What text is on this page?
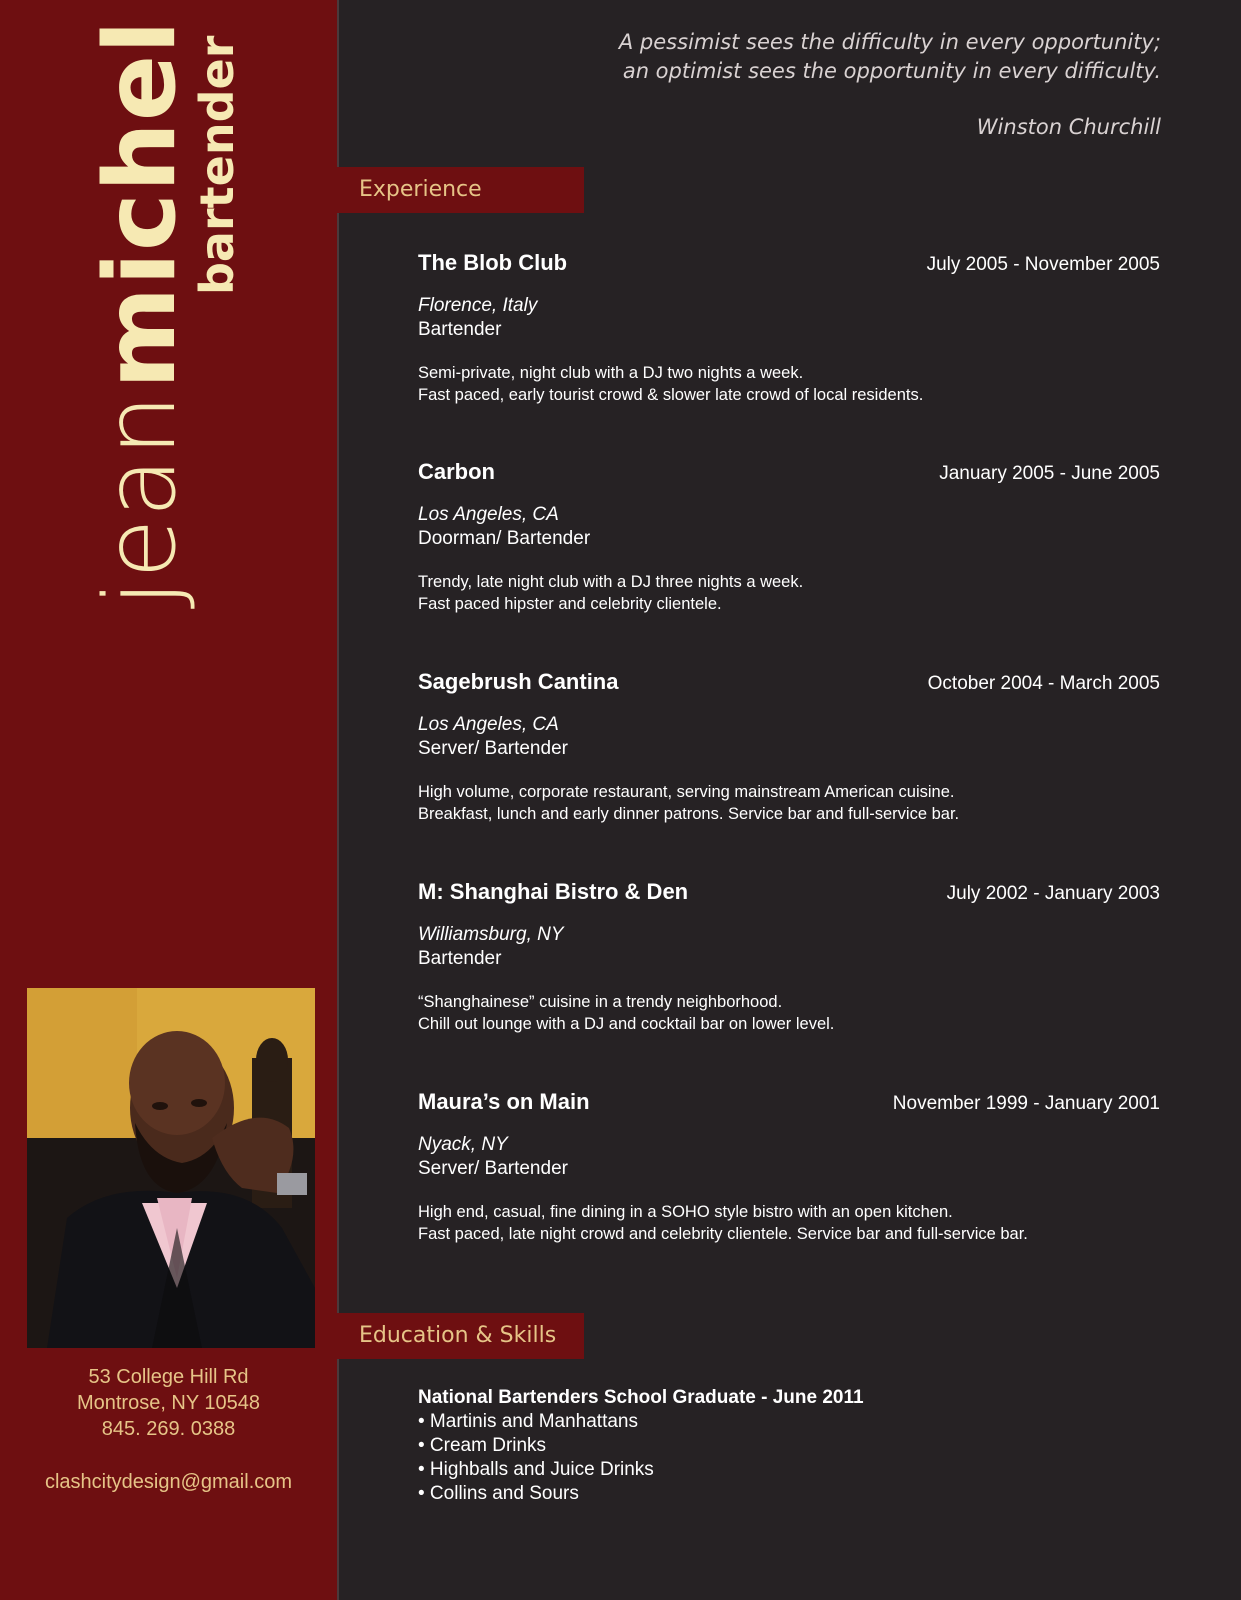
jean michel
bartender
53 College Hill Rd
Montrose, NY 10548
845. 269. 0388
clashcitydesign@gmail.com
A pessimist sees the difficulty in every opportunity;
an optimist sees the opportunity in every difficulty.
Winston Churchill
Experience
The Blob Club	July 2005 - November 2005
Florence, Italy
Bartender
Semi-private, night club with a DJ two nights a week.
Fast paced, early tourist crowd & slower late crowd of local residents.
Carbon	January 2005 - June 2005
Los Angeles, CA
Doorman/ Bartender
Trendy, late night club with a DJ three nights a week.
Fast paced hipster and celebrity clientele.
Sagebrush Cantina	October 2004 - March 2005
Los Angeles, CA
Server/ Bartender
High volume, corporate restaurant, serving mainstream American cuisine.
Breakfast, lunch and early dinner patrons. Service bar and full-service bar.
M: Shanghai Bistro & Den	July 2002 - January 2003
Williamsburg, NY
Bartender
“Shanghainese” cuisine in a trendy neighborhood.
Chill out lounge with a DJ and cocktail bar on lower level.
Maura’s on Main	November 1999 - January 2001
Nyack, NY
Server/ Bartender
High end, casual, fine dining in a SOHO style bistro with an open kitchen.
Fast paced, late night crowd and celebrity clientele. Service bar and full-service bar.
Education & Skills
National Bartenders School Graduate - June 2011
• Martinis and Manhattans
• Cream Drinks
• Highballs and Juice Drinks
• Collins and Sours
